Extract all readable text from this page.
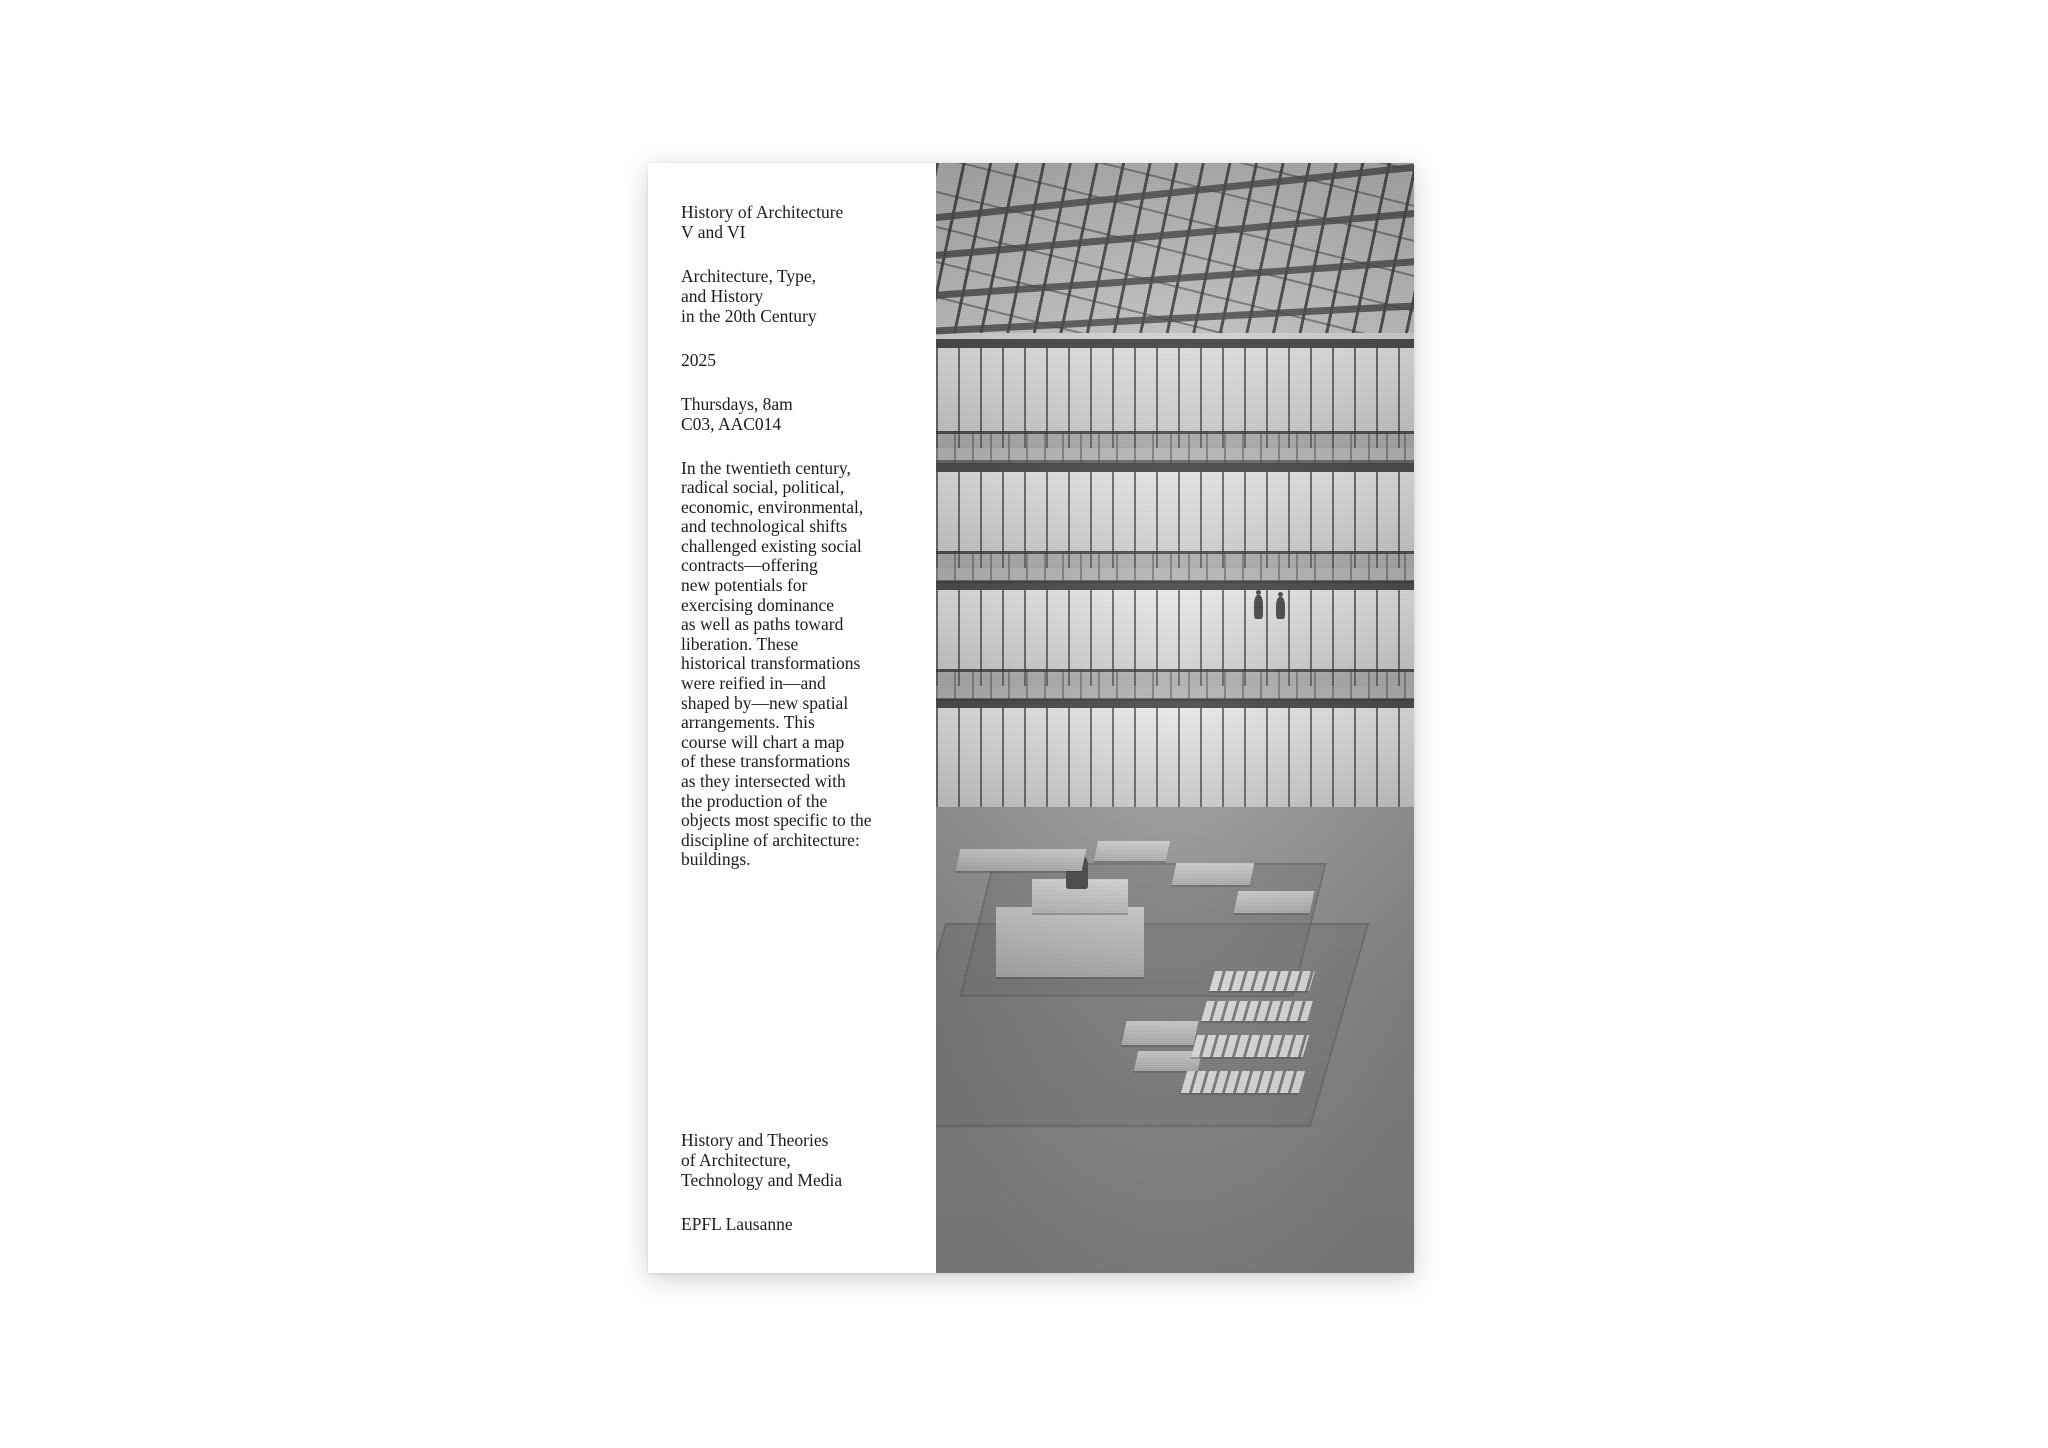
History of Architecture
V and VI
Architecture, Type,
and History
in the 20th Century
2025
Thursdays, 8am
C03, AAC014
In the twentieth century,
radical social, political,
economic, environmental,
and technological shifts
challenged existing social
contracts—offering
new potentials for
exercising dominance
as well as paths toward
liberation. These
historical transformations
were reified in—and
shaped by—new spatial
arrangements. This
course will chart a map
of these transformations
as they intersected with
the production of the
objects most specific to the
discipline of architecture:
buildings.
History and Theories
of Architecture,
Technology and Media
EPFL Lausanne
